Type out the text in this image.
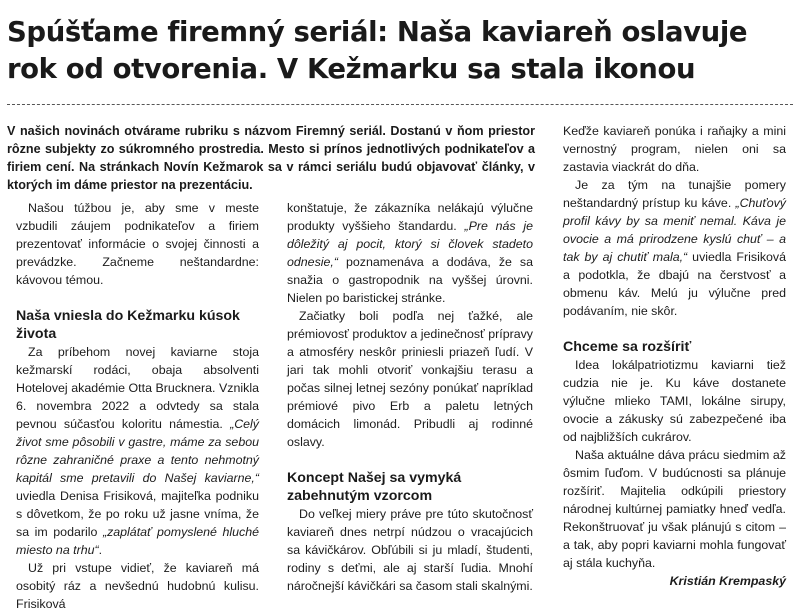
Spúšťame firemný seriál: Naša kaviareň oslavuje rok od otvorenia. V Kežmarku sa stala ikonou

V našich novinách otvárame rubriku s názvom Firemný seriál. Dostanú v ňom priestor rôzne subjekty zo súkromného prostredia. Mesto si prínos jednotlivých podnikateľov a firiem cení. Na stránkach Novín Kežmarok sa v rámci seriálu budú objavovať články, v ktorých im dáme priestor na prezentáciu.

Našou túžbou je, aby sme v meste vzbudili záujem podnikateľov a firiem prezentovať informácie o svojej činnosti a prevádzke. Začneme neštandardne: kávovou témou.

Naša vniesla do Kežmarku kúsok života

Za príbehom novej kaviarne stoja kežmarskí rodáci, obaja absolventi Hotelovej akadémie Otta Brucknera. Vznikla 6. novembra 2022 a odvtedy sa stala pevnou súčasťou koloritu námestia. „Celý život sme pôsobili v gastre, máme za sebou rôzne zahraničné praxe a tento nehmotný kapitál sme pretavili do Našej kaviarne,“ uviedla Denisa Frisiková, majiteľka podniku s dôvetkom, že po roku už jasne vníma, že sa im podarilo „zaplátať pomyslené hluché miesto na trhu“.

Už pri vstupe vidieť, že kaviareň má osobitý ráz a nevšednú hudobnú kulisu. Frisiková

konštatuje, že zákazníka nelákajú výlučne produkty vyššieho štandardu. „Pre nás je dôležitý aj pocit, ktorý si človek stadeto odnesie,“ poznamenáva a dodáva, že sa snažia o gastropodnik na vyššej úrovni. Nielen po baristickej stránke.

Začiatky boli podľa nej ťažké, ale prémiovosť produktov a jedinečnosť prípravy a atmosféry neskôr priniesli priazeň ľudí. V jari tak mohli otvoriť vonkajšiu terasu a počas silnej letnej sezóny ponúkať napríklad prémiové pivo Erb a paletu letných domácich limonád. Pribudli aj rodinné oslavy.

Koncept Našej sa vymyká zabehnutým vzorcom

Do veľkej miery práve pre túto skutočnosť kaviareň dnes netrpí núdzou o vracajúcich sa kávičkárov. Obľúbili si ju mladí, študenti, rodiny s deťmi, ale aj starší ľudia. Mnohí náročnejší kávičkári sa časom stali skalnými.

Keďže kaviareň ponúka i raňajky a mini vernostný program, nielen oni sa zastavia viackrát do dňa.

Je za tým na tunajšie pomery neštandardný prístup ku káve. „Chuťový profil kávy by sa meniť nemal. Káva je ovocie a má prirodzene kyslú chuť – a tak by aj chutiť mala,“ uviedla Frisiková a podotkla, že dbajú na čerstvosť a obmenu káv. Melú ju výlučne pred podávaním, nie skôr.

Chceme sa rozšíriť

Idea lokálpatriotizmu kaviarni tiež cudzia nie je. Ku káve dostanete výlučne mlieko TAMI, lokálne sirupy, ovocie a zákusky sú zabezpečené iba od najbližších cukrárov.

Naša aktuálne dáva prácu siedmim až ôsmim ľuďom. V budúcnosti sa plánuje rozšíriť. Majitelia odkúpili priestory národnej kultúrnej pamiatky hneď vedľa. Rekonštruovať ju však plánujú s citom – a tak, aby popri kaviarni mohla fungovať aj stála kuchyňa.

Kristián Krempaský
